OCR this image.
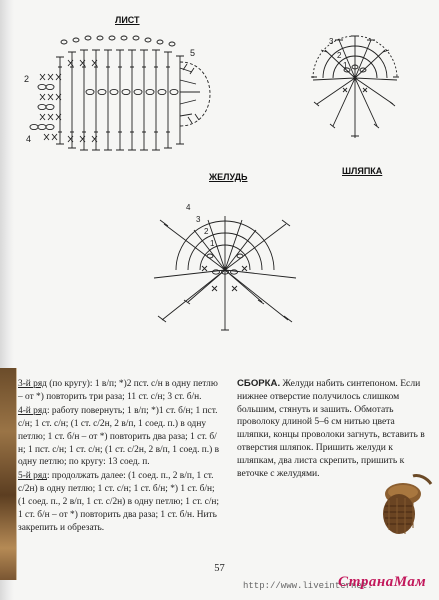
ЛИСТ
ЖЕЛУДЬ
ШЛЯПКА
2
4
5
3
2
1
4
3
2
1

3-й ряд (по кругу): 1 в/п; *)2 пст. с/н в одну петлю – от *) повторить три раза; 11 ст. с/н; 3 ст. б/н.

4-й ряд: работу повернуть; 1 в/п; *)1 ст. б/н; 1 пст. с/н; 1 ст. с/н; (1 ст. с/2н, 2 в/п, 1 соед. п.) в одну петлю; 1 ст. б/н – от *) повторить два раза; 1 ст. б/н; 1 пст. с/н; 1 ст. с/н; (1 ст. с/2н, 2 в/п, 1 соед. п.) в одну петлю; по кругу: 13 соед. п.

5-й ряд: продолжать далее: (1 соед. п., 2 в/п, 1 ст. с/2н) в одну петлю; 1 ст. с/н; 1 ст. б/н; *) 1 ст. б/н; (1 соед. п., 2 в/п, 1 ст. с/2н) в одну петлю; 1 ст. с/н; 1 ст. б/н – от *) повторить два раза; 1 ст. б/н. Нить закрепить и обрезать.

СБОРКА. Желуди набить синтепоном. Если нижнее отверстие получилось слишком большим, стянуть и зашить. Обмотать проволоку длиной 5–6 см нитью цвета шляпки, концы проволоки загнуть, вставить в отверстия шляпок. Пришить желуди к шляпкам, два листа скрепить, пришить к веточке с желудями.

57
http://www.liveinternet.
СтранаМам
